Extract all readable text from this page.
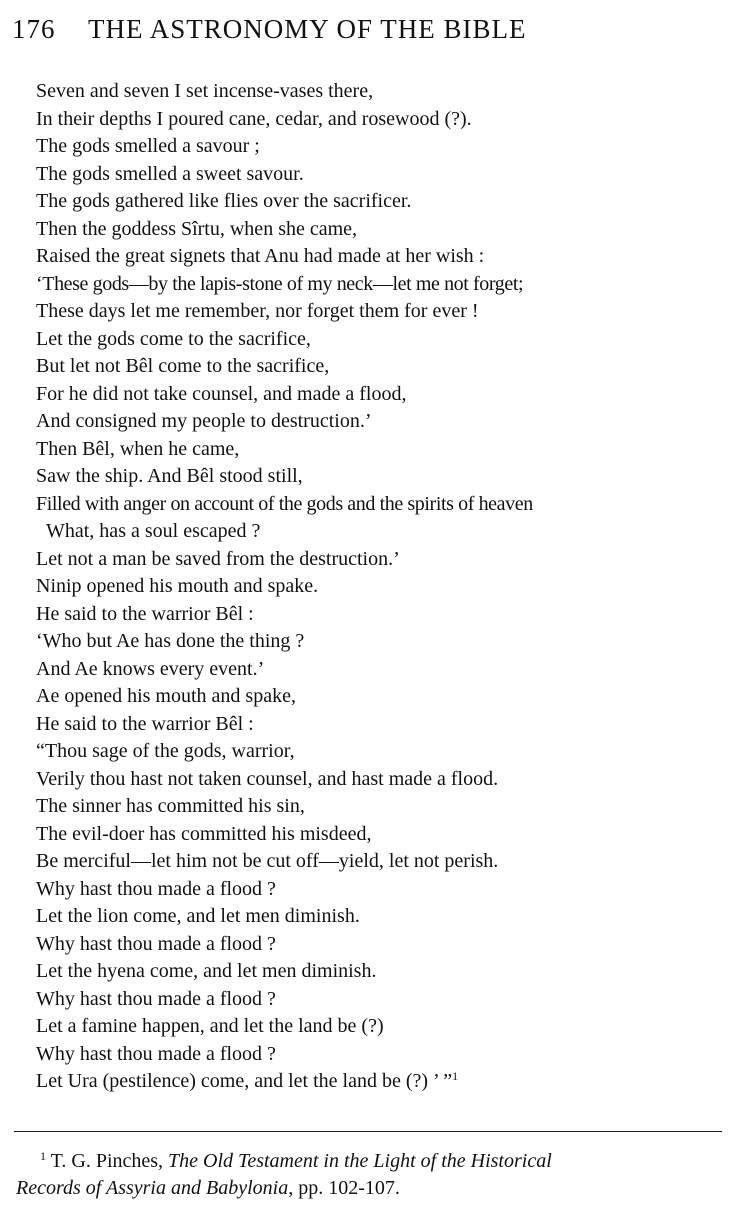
176 THE ASTRONOMY OF THE BIBLE
Seven and seven I set incense-vases there,
In their depths I poured cane, cedar, and rosewood (?).
The gods smelled a savour ;
The gods smelled a sweet savour.
The gods gathered like flies over the sacrificer.
Then the goddess Sîrtu, when she came,
Raised the great signets that Anu had made at her wish :
‘These gods—by the lapis-stone of my neck—let me not forget;
These days let me remember, nor forget them for ever !
Let the gods come to the sacrifice,
But let not Bêl come to the sacrifice,
For he did not take counsel, and made a flood,
And consigned my people to destruction.’
Then Bêl, when he came,
Saw the ship. And Bêl stood still,
Filled with anger on account of the gods and the spirits of heaven
What, has a soul escaped ?
Let not a man be saved from the destruction.’
Ninip opened his mouth and spake.
He said to the warrior Bêl :
‘Who but Ae has done the thing ?
And Ae knows every event.’
Ae opened his mouth and spake,
He said to the warrior Bêl :
“Thou sage of the gods, warrior,
Verily thou hast not taken counsel, and hast made a flood.
The sinner has committed his sin,
The evil-doer has committed his misdeed,
Be merciful—let him not be cut off—yield, let not perish.
Why hast thou made a flood ?
Let the lion come, and let men diminish.
Why hast thou made a flood ?
Let the hyena come, and let men diminish.
Why hast thou made a flood ?
Let a famine happen, and let the land be (?)
Why hast thou made a flood ?
Let Ura (pestilence) come, and let the land be (?) ’ ”$^1$
$^1$ T. G. Pinches, The Old Testament in the Light of the Historical
Records of Assyria and Babylonia, pp. 102-107.
